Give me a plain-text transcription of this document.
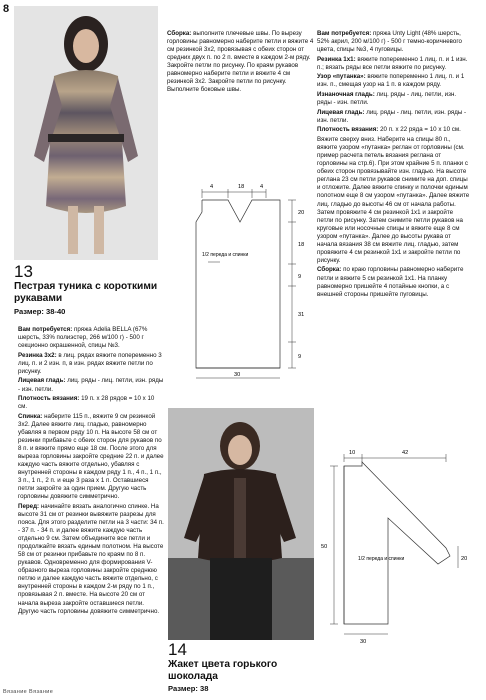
8
13
Пестрая туника с короткими рукавами
Размер: 38-40

Вам потребуется: пряжа Adelia BELLA (67% шерсть, 33% полиэстер, 266 м/100 г) - 500 г секционно окрашенной, спицы №3.

Резинка 3х2: в лиц. рядах вяжите попеременно 3 лиц. п. и 2 изн. п, в изн. рядах вяжите петли по рисунку.

Лицевая гладь: лиц. ряды - лиц. петли, изн. ряды - изн. петли.

Плотность вязания: 19 п. х 28 рядов = 10 х 10 см.

Спинка: наберите 115 п., вяжите 9 см резинкой 3х2. Далее вяжите лиц. гладью, равномерно убавляя в первом ряду 10 п. На высоте 58 см от резинки прибавьте с обеих сторон для рукавов по 8 п. и вяжите прямо еще 18 см. После этого для выреза горловины закройте средние 22 п. и далее каждую часть вяжите отдельно, убавляя с внутренней стороны в каждом ряду 1 п., 4 п., 1 п., 3 п., 1 п., 2 п. и еще 3 раза х 1 п. Оставшиеся петли закройте за один прием. Другую часть горловины довяжите симметрично.

Перед: начинайте вязать аналогично спинке. На высоте 31 см от резинки вывяжите разрезы для пояса. Для этого разделите петли на 3 части: 34 п. - 37 п. - 34 п. и далее вяжите каждую часть отдельно 9 см. Затем объедините все петли и продолжайте вязать единым полотном. На высоте 58 см от резинки прибавьте по краям по 8 п. рукавов. Одновременно для формирования V-образного выреза горловины закройте среднюю петлю и далее каждую часть вяжите отдельно, с внутренней стороны в каждом 2-м ряду по 1 п., провязывая 2 п. вместе. На высоте 20 см от начала выреза закройте оставшиеся петли. Другую часть горловины довяжите симметрично.

Сборка: выполните плечевые швы. По вырезу горловины равномерно наберите петли и вяжите 4 см резинкой 3х2, провязывая с обеих сторон от средних двух п. по 2 п. вместе в каждом 2-м ряду. Закройте петли по рисунку. По краям рукавов равномерно наберите петли и вяжите 4 см резинкой 3х2. Закройте петли по рисунку. Выполните боковые швы.

4	18	4
20
18
9
31
9
30
1/2 переда и спинки

Вам потребуется: пряжа Unty Light (48% шерсть, 52% акрил, 200 м/100 г) - 500 г темно-коричневого цвета, спицы №3, 4 пуговицы.

Резинка 1х1: вяжите попеременно 1 лиц. п. и 1 изн. п.; вязать ряды все петли вяжите по рисунку.

Узор «путанка»: вяжите попеременно 1 лиц. п. и 1 изн. п., смещая узор на 1 п. в каждом ряду.

Изнаночная гладь: лиц. ряды - лиц. петли, изн. ряды - изн. петли.

Лицевая гладь: лиц. ряды - лиц. петли, изн. ряды - изн. петли.

Плотность вязания: 20 п. х 22 ряда = 10 х 10 см.

Вяжите сверху вниз. Наберите на спицы 80 п., вяжите узором «путанка» реглан от горловины (см. пример расчета петель вязания реглана от горловины на стр.6). При этом крайние 5 п. планки с обеих сторон провязывайте изн. гладью. На высоте реглана 23 см петли рукавов снимите на доп. спицы и отложите. Далее вяжите спинку и полочки единым полотном еще 8 см узором «путанка». Далее вяжите лиц. гладью до высоты 46 см от начала работы. Затем провяжите 4 см резинкой 1х1 и закройте петли по рисунку. Затем снимите петли рукавов на круговые или носочные спицы и вяжите еще 8 см узором «путанка». Далее до высоты рукава от начала вязания 38 см вяжите лиц. гладью, затем провяжите 4 см резинкой 1х1 и закройте петли по рисунку.

Сборка: по краю горловины равномерно наберите петли и вяжите 5 см резинкой 1х1. На планку равномерно пришейте 4 потайные кнопки, а с внешней стороны пришейте пуговицы.

10	42
50
20
30
1/2 переда и спинки
14
Жакет цвета горького шоколада
Размер: 38
Вязание Вязание
